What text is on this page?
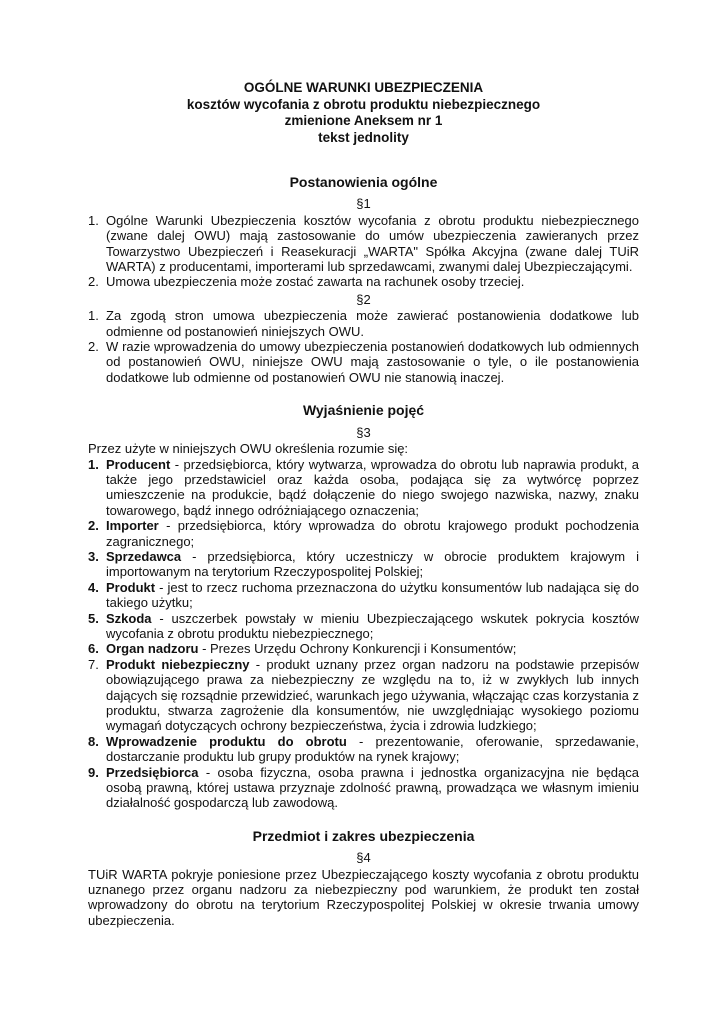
OGÓLNE WARUNKI UBEZPIECZENIA
kosztów wycofania z obrotu produktu niebezpiecznego
zmienione Aneksem nr 1
tekst jednolity
Postanowienia ogólne
§1
1. Ogólne Warunki Ubezpieczenia kosztów wycofania z obrotu produktu niebezpiecznego (zwane dalej OWU) mają zastosowanie do umów ubezpieczenia zawieranych przez Towarzystwo Ubezpieczeń i Reasekuracji „WARTA" Spółka Akcyjna (zwane dalej TUiR WARTA) z producentami, importerami lub sprzedawcami, zwanymi dalej Ubezpieczającymi.
2. Umowa ubezpieczenia może zostać zawarta na rachunek osoby trzeciej.
§2
1. Za zgodą stron umowa ubezpieczenia może zawierać postanowienia dodatkowe lub odmienne od postanowień niniejszych OWU.
2. W razie wprowadzenia do umowy ubezpieczenia postanowień dodatkowych lub odmiennych od postanowień OWU, niniejsze OWU mają zastosowanie o tyle, o ile postanowienia dodatkowe lub odmienne od postanowień OWU nie stanowią inaczej.
Wyjaśnienie pojęć
§3

Przez użyte w niniejszych OWU określenia rozumie się:

1. Producent - przedsiębiorca, który wytwarza, wprowadza do obrotu lub naprawia produkt, a także jego przedstawiciel oraz każda osoba, podająca się za wytwórcę poprzez umieszczenie na produkcie, bądź dołączenie do niego swojego nazwiska, nazwy, znaku towarowego, bądź innego odróżniającego oznaczenia;
2. Importer - przedsiębiorca, który wprowadza do obrotu krajowego produkt pochodzenia zagranicznego;
3. Sprzedawca - przedsiębiorca, który uczestniczy w obrocie produktem krajowym i importowanym na terytorium Rzeczypospolitej Polskiej;
4. Produkt - jest to rzecz ruchoma przeznaczona do użytku konsumentów lub nadająca się do takiego użytku;
5. Szkoda - uszczerbek powstały w mieniu Ubezpieczającego wskutek pokrycia kosztów wycofania z obrotu produktu niebezpiecznego;
6. Organ nadzoru - Prezes Urzędu Ochrony Konkurencji i Konsumentów;
7. Produkt niebezpieczny - produkt uznany przez organ nadzoru na podstawie przepisów obowiązującego prawa za niebezpieczny ze względu na to, iż w zwykłych lub innych dających się rozsądnie przewidzieć, warunkach jego używania, włączając czas korzystania z produktu, stwarza zagrożenie dla konsumentów, nie uwzględniając wysokiego poziomu wymagań dotyczących ochrony bezpieczeństwa, życia i zdrowia ludzkiego;
8. Wprowadzenie produktu do obrotu - prezentowanie, oferowanie, sprzedawanie, dostarczanie produktu lub grupy produktów na rynek krajowy;
9. Przedsiębiorca - osoba fizyczna, osoba prawna i jednostka organizacyjna nie będąca osobą prawną, której ustawa przyznaje zdolność prawną, prowadząca we własnym imieniu działalność gospodarczą lub zawodową.
Przedmiot i zakres ubezpieczenia
§4

TUiR WARTA pokryje poniesione przez Ubezpieczającego koszty wycofania z obrotu produktu uznanego przez organu nadzoru za niebezpieczny pod warunkiem, że produkt ten został wprowadzony do obrotu na terytorium Rzeczypospolitej Polskiej w okresie trwania umowy ubezpieczenia.
